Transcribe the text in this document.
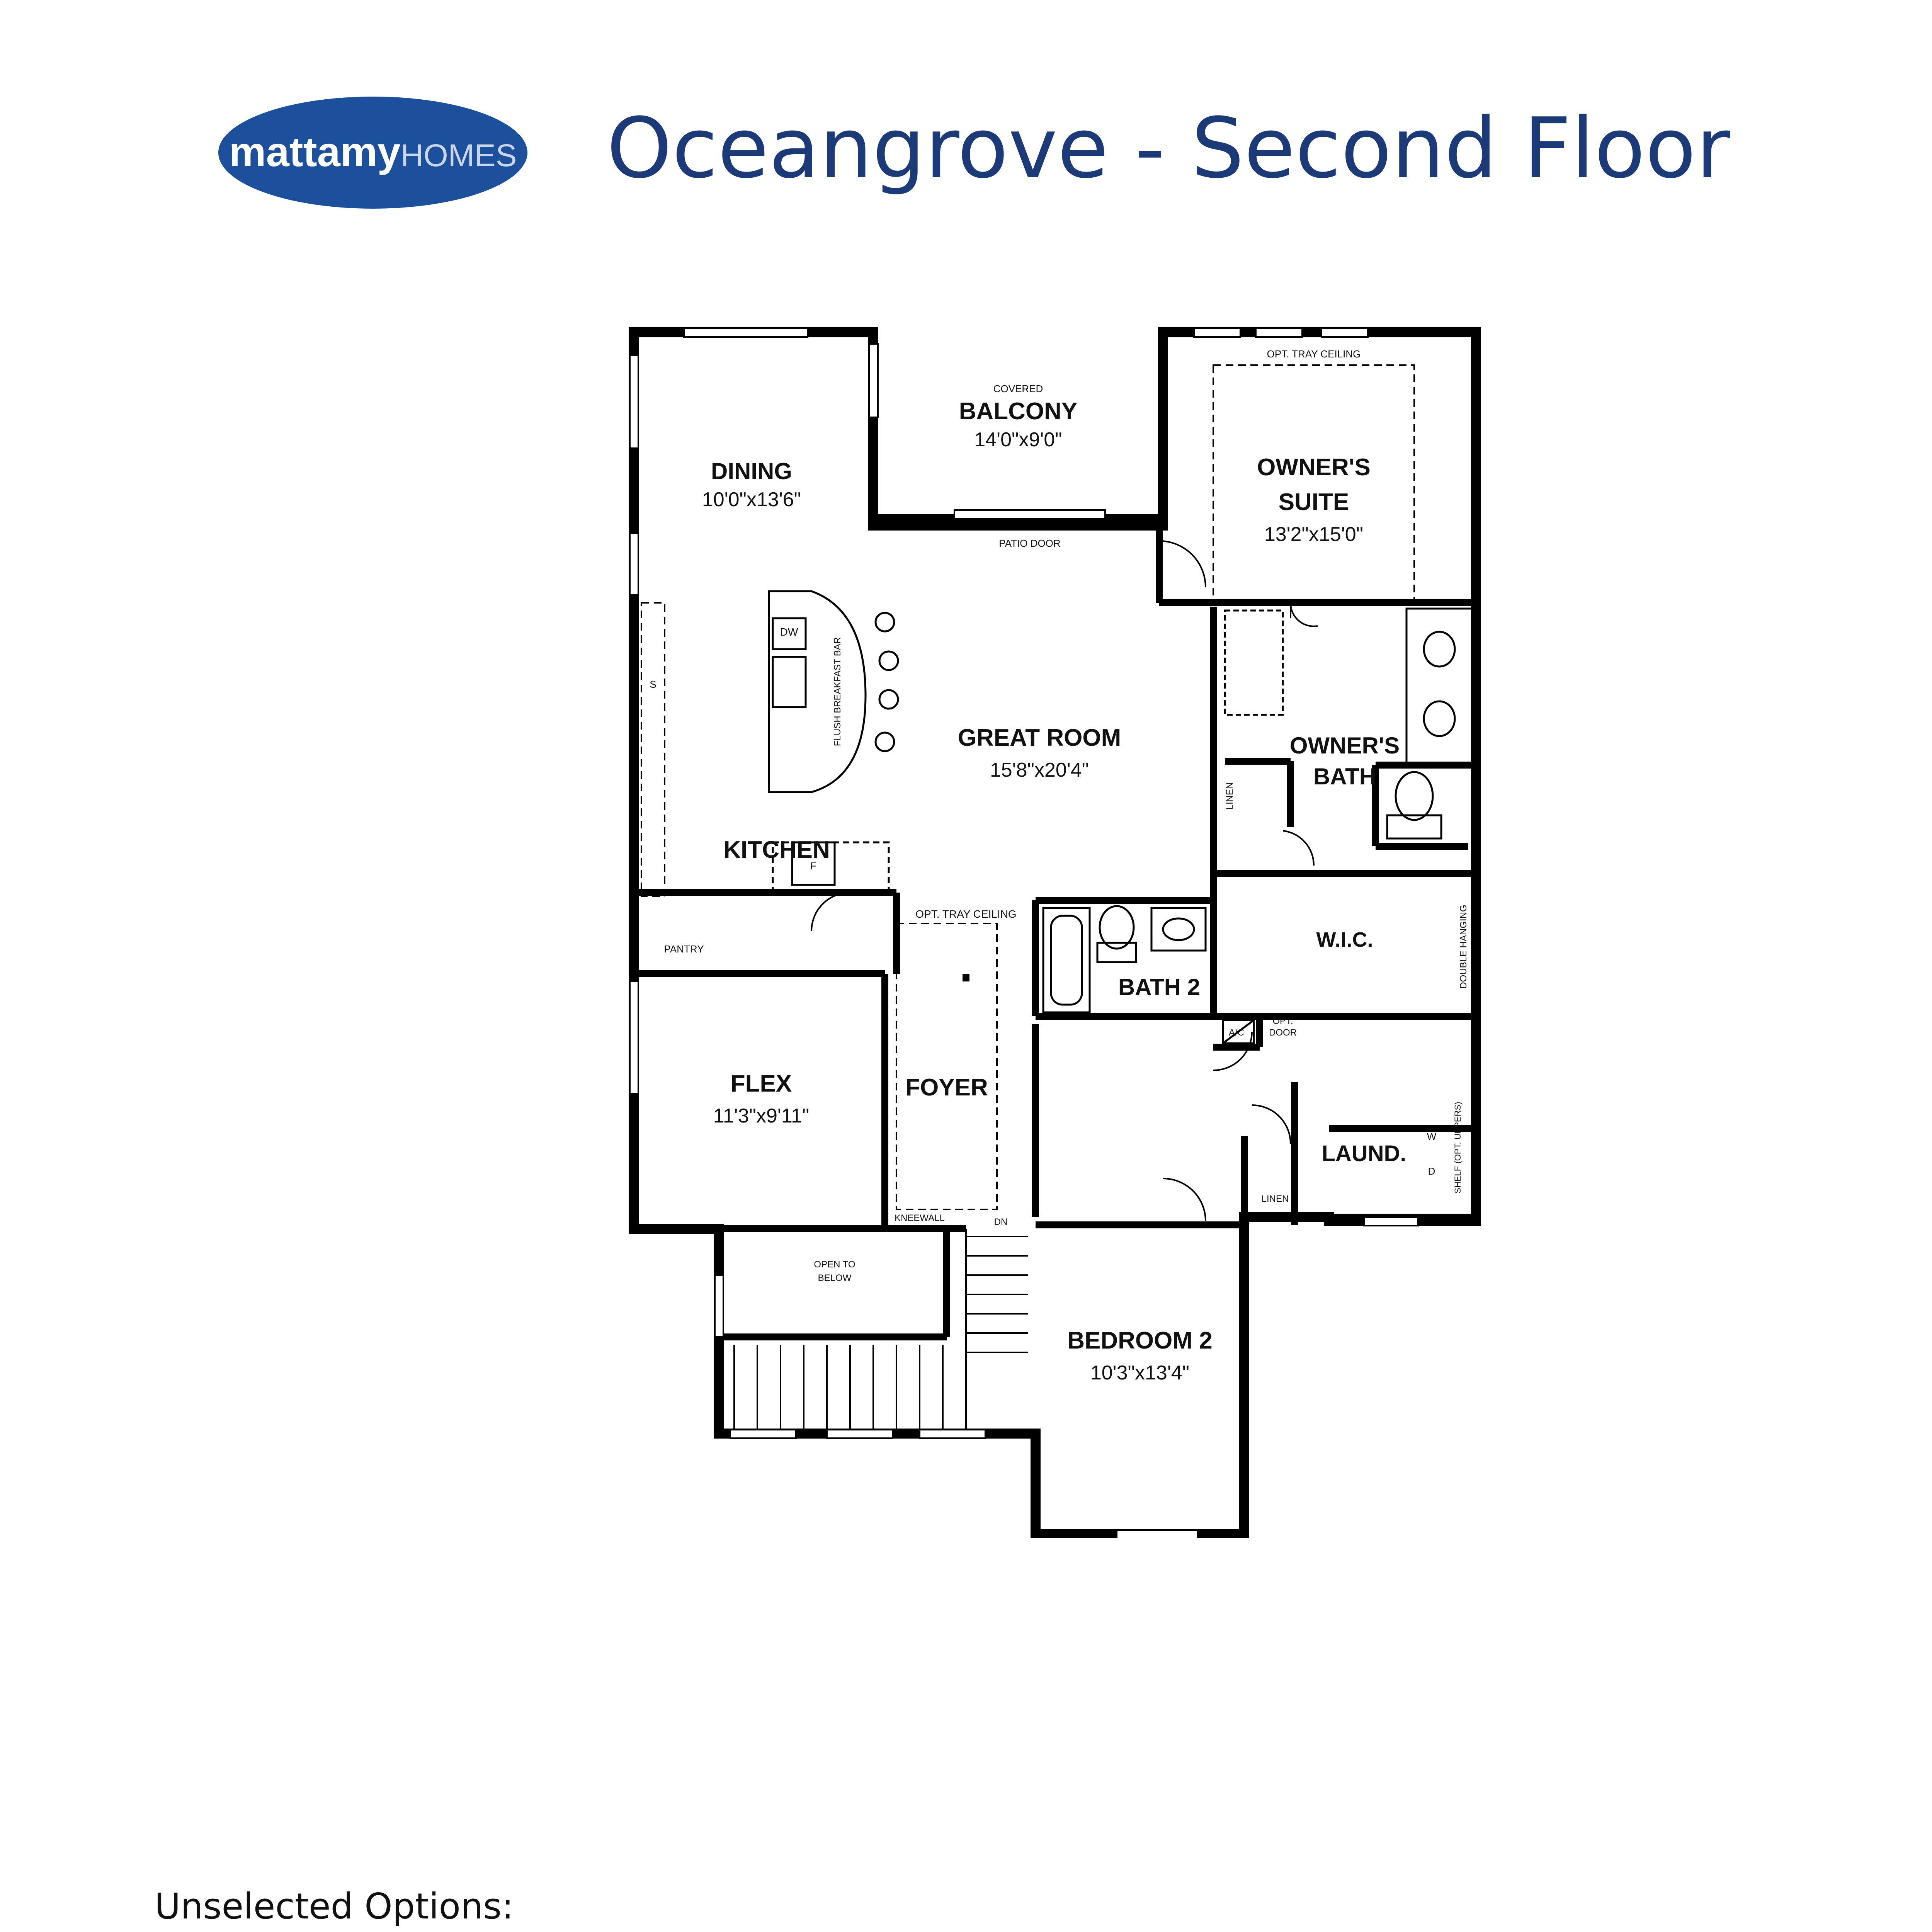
mattamyHOMES Oceangrove - Second Floor
DINING
10'0"x13'6"
COVERED
BALCONY
14'0"x9'0"
OWNER'S
SUITE
13'2"x15'0"
GREAT ROOM
15'8"x20'4"
KITCHEN
OWNER'S
BATH
W.I.C.
BATH 2
FLEX
11'3"x9'11"
FOYER
LAUND.
BEDROOM 2
10'3"x13'4"
OPT. TRAY CEILING
OPT. TRAY CEILING
PATIO DOOR
PANTRY
DW
S	FLUSH BREAKFAST BAR
F
LINEN
DOUBLE HANGING
A/C
OPT.
DOOR
W
D SHELF (OPT. UPPERS)
LINEN
KNEEWALL	DN
OPEN TO
BELOW
Unselected Options:
